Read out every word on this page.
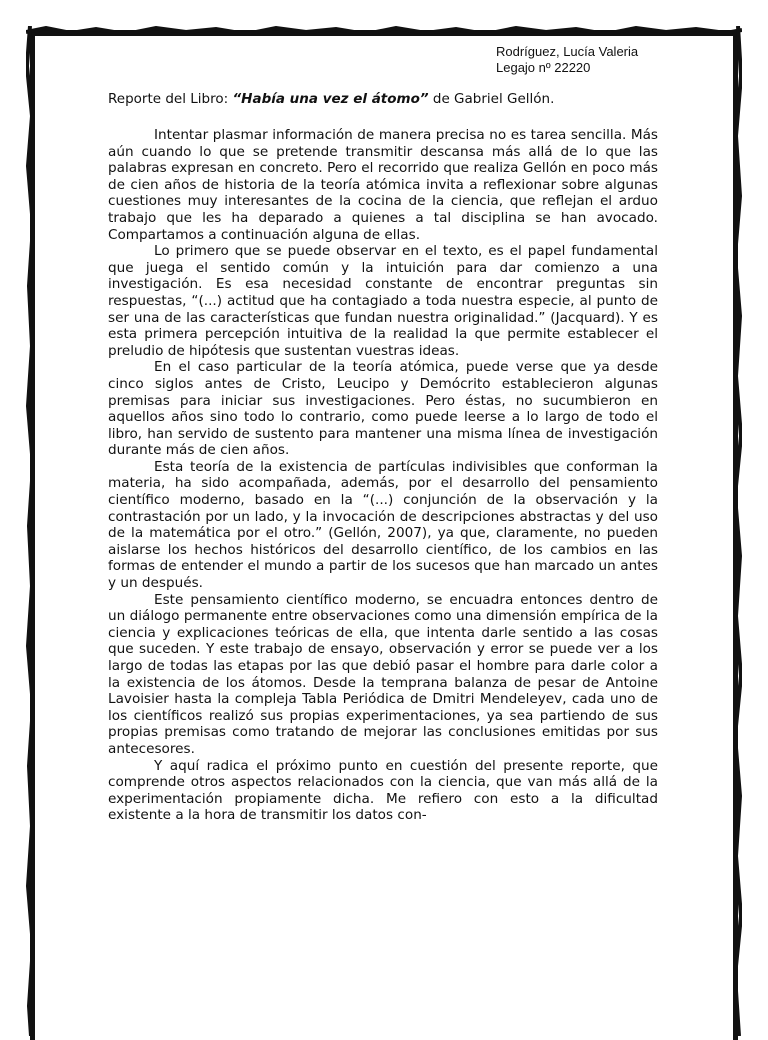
Rodríguez, Lucía Valeria
Legajo nº 22220
Reporte del Libro: “Había una vez el átomo” de Gabriel Gellón.

Intentar plasmar información de manera precisa no es tarea sencilla. Más aún cuando lo que se pretende transmitir descansa más allá de lo que las palabras expresan en concreto. Pero el recorrido que realiza Gellón en poco más de cien años de historia de la teoría atómica invita a reflexionar sobre algunas cuestiones muy interesantes de la cocina de la ciencia, que reflejan el arduo trabajo que les ha deparado a quienes a tal disciplina se han avocado. Compartamos a continuación alguna de ellas.

Lo primero que se puede observar en el texto, es el papel fundamental que juega el sentido común y la intuición para dar comienzo a una investigación. Es esa necesidad constante de encontrar preguntas sin respuestas, “(...) actitud que ha contagiado a toda nuestra especie, al punto de ser una de las características que fundan nuestra originalidad.” (Jacquard). Y es esta primera percepción intuitiva de la realidad la que permite establecer el preludio de hipótesis que sustentan vuestras ideas.

En el caso particular de la teoría atómica, puede verse que ya desde cinco siglos antes de Cristo, Leucipo y Demócrito establecieron algunas premisas para iniciar sus investigaciones. Pero éstas, no sucumbieron en aquellos años sino todo lo contrario, como puede leerse a lo largo de todo el libro, han servido de sustento para mantener una misma línea de investigación durante más de cien años.

Esta teoría de la existencia de partículas indivisibles que conforman la materia, ha sido acompañada, además, por el desarrollo del pensamiento científico moderno, basado en la “(...) conjunción de la observación y la contrastación por un lado, y la invocación de descripciones abstractas y del uso de la matemática por el otro.” (Gellón, 2007), ya que, claramente, no pueden aislarse los hechos históricos del desarrollo científico, de los cambios en las formas de entender el mundo a partir de los sucesos que han marcado un antes y un después.

Este pensamiento científico moderno, se encuadra entonces dentro de un diálogo permanente entre observaciones como una dimensión empírica de la ciencia y explicaciones teóricas de ella, que intenta darle sentido a las cosas que suceden. Y este trabajo de ensayo, observación y error se puede ver a los largo de todas las etapas por las que debió pasar el hombre para darle color a la existencia de los átomos. Desde la temprana balanza de pesar de Antoine Lavoisier hasta la compleja Tabla Periódica de Dmitri Mendeleyev, cada uno de los científicos realizó sus propias experimentaciones, ya sea partiendo de sus propias premisas como tratando de mejorar las conclusiones emitidas por sus antecesores.

Y aquí radica el próximo punto en cuestión del presente reporte, que comprende otros aspectos relacionados con la ciencia, que van más allá de la experimentación propiamente dicha. Me refiero con esto a la dificultad existente a la hora de transmitir los datos con-
